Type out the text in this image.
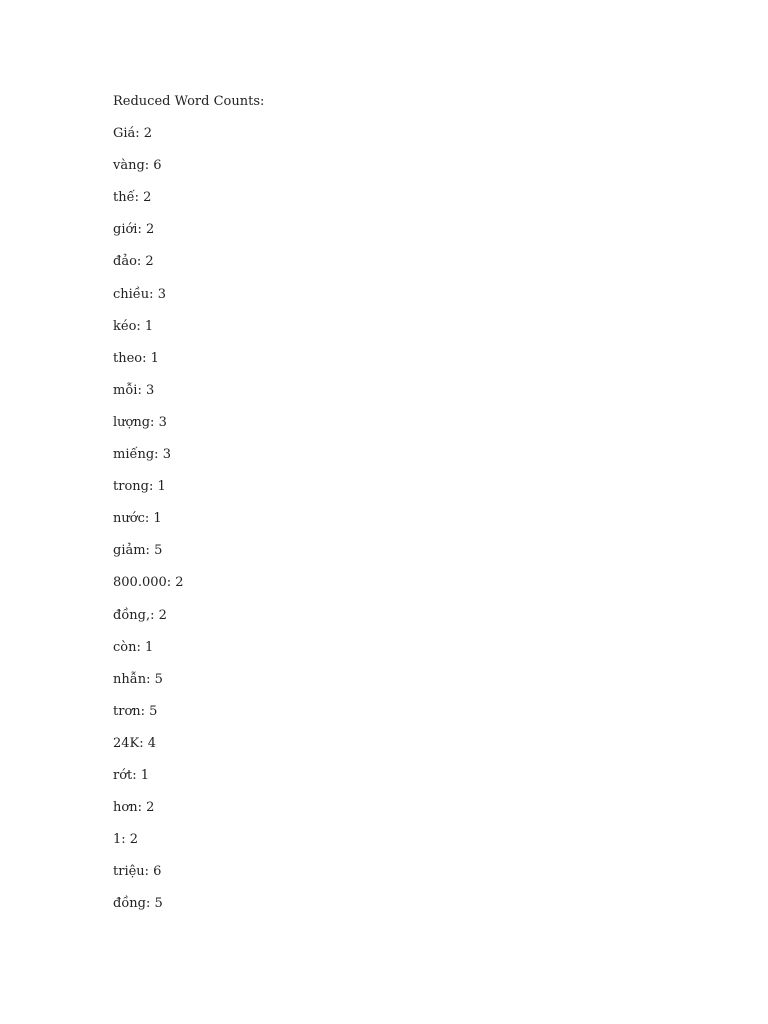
Reduced Word Counts:
Giá: 2
vàng: 6
thế: 2
giới: 2
đảo: 2
chiều: 3
kéo: 1
theo: 1
mỗi: 3
lượng: 3
miếng: 3
trong: 1
nước: 1
giảm: 5
800.000: 2
đồng,: 2
còn: 1
nhẫn: 5
trơn: 5
24K: 4
rớt: 1
hơn: 2
1: 2
triệu: 6
đồng: 5
